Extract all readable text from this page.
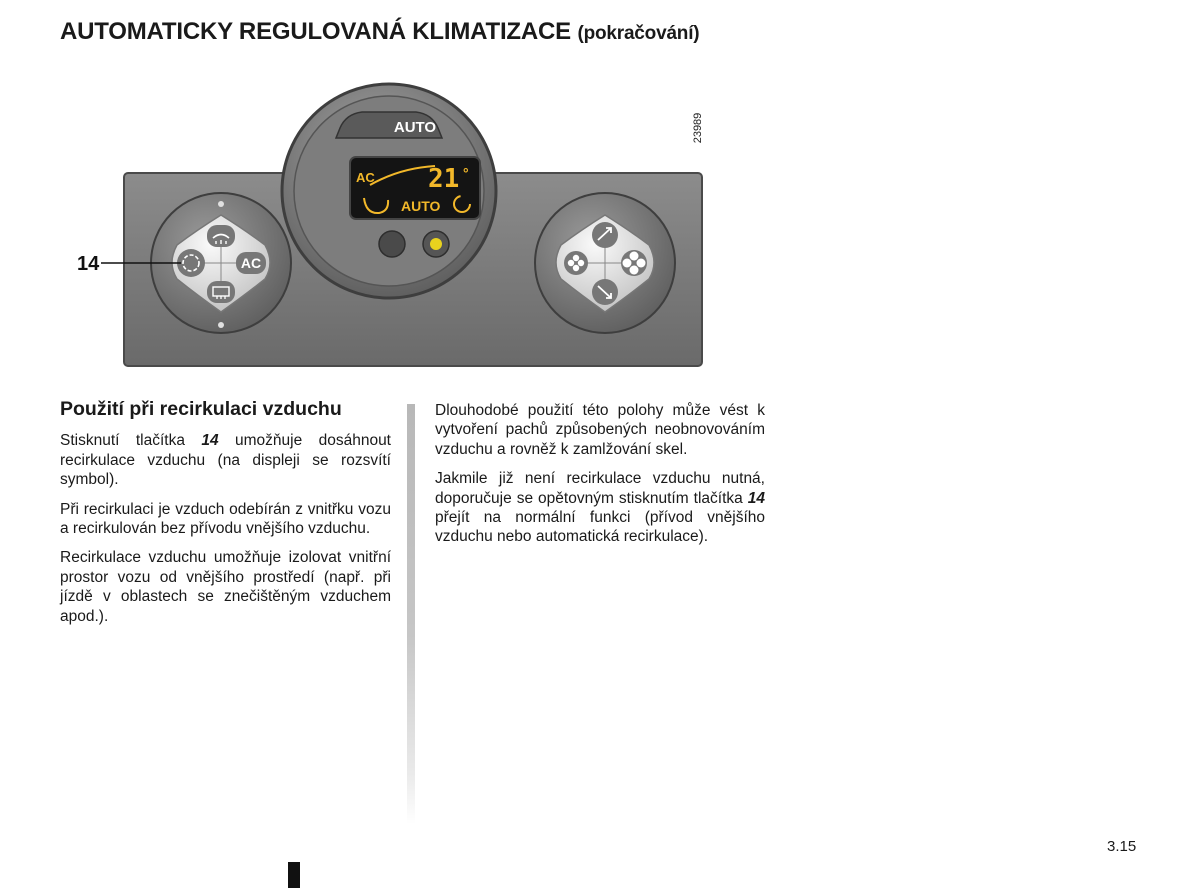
AUTOMATICKY REGULOVANÁ KLIMATIZACE (pokračování)
AUTO
AC 21 °
AUTO
AC
14
23989
Použití při recirkulaci vzduchu

Stisknutí tlačítka 14 umožňuje dosáhnout recirkulace vzduchu (na displeji se rozsvítí symbol).

Při recirkulaci je vzduch odebírán z vnitřku vozu a recirkulován bez přívodu vnějšího vzduchu.

Recirkulace vzduchu umožňuje izolovat vnitřní prostor vozu od vnějšího prostředí (např. při jízdě v oblastech se znečištěným vzduchem apod.).

Dlouhodobé použití této polohy může vést k vytvoření pachů způsobených neobnovováním vzduchu a rovněž k zamlžování skel.

Jakmile již není recirkulace vzduchu nutná, doporučuje se opětovným stisknutím tlačítka 14 přejít na normální funkci (přívod vnějšího vzduchu nebo automatická recirkulace).

3.15
